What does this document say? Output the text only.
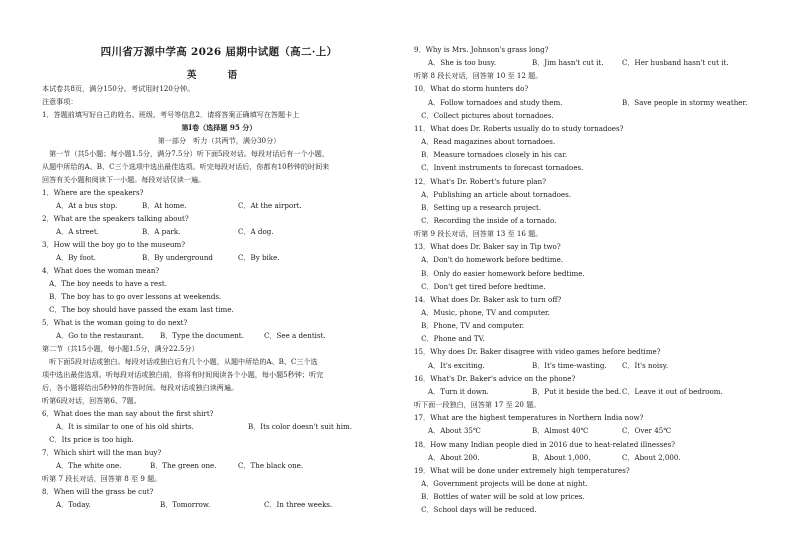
四川省万源中学高 2026 届期中试题（高二·上）
英 语
本试卷共8页，满分150分。考试用时120分钟。
注意事项：
1．答题前填写好自己的姓名、班级、考号等信息2．请将答案正确填写在答题卡上
第Ⅰ卷（选择题 95 分）
第一部分　听力（共两节，满分30分）
　第一节（共5小题；每小题1.5分，满分7.5分）听下面5段对话。每段对话后有一个小题，
从题中所给的A、B、C三个选项中选出最佳选项。听完每段对话后，你都有10秒钟的时间来
回答有关小题和阅读下一小题。每段对话仅读一遍。
1．Where are the speakers?
A．At a bus stop.	B．At home.	C．At the airport.
2．What are the speakers talking about?
A．A street.	B．A park.	C．A dog.
3．How will the boy go to the museum?
A．By foot.	B．By underground	C．By bike.
4．What does the woman mean?
　A．The boy needs to have a rest.
　B．The boy has to go over lessons at weekends.
　C．The boy should have passed the exam last time.
5．What is the woman going to do next?
A．Go to the restaurant. B．Type the document.	C．See a dentist.
第二节（共15小题，每小题1.5分，满分22.5分）
　听下面5段对话或独白。每段对话或独白后有几个小题，从题中所给的A、B、C三个选
项中选出最佳选项。听每段对话或独白前，你将有时间阅读各个小题，每小题5秒钟；听完
后，各小题将给出5秒钟的作答时间。每段对话或独白读两遍。
听第6段对话，回答第6、7题。
6．What does the man say about the first shirt?
A．It is similar to one of his old shirts.	B．Its color doesn't suit him.
　C．Its price is too high.
7．Which shirt will the man buy?
A．The white one.	B．The green one.	C．The black one.
听第 7 段长对话，回答第 8 至 9 题。
8．When will the grass be cut?
A．Today.	B．Tomorrow.	C．In three weeks.
9．Why is Mrs. Johnson's grass long?
A．She is too busy.	B．Jim hasn't cut it.	C．Her husband hasn't cut it.
听第 8 段长对话，回答第 10 至 12 题。
10．What do storm hunters do?
A．Follow tornadoes and study them.	B．Save people in stormy weather.
　C．Collect pictures about tornadoes.
11．What does Dr. Roberts usually do to study tornadoes?
　A．Read magazines about tornadoes.
　B．Measure tornadoes closely in his car.
　C．Invent instruments to forecast tornadoes.
12．What's Dr. Robert's future plan?
　A．Publishing an article about tornadoes.
　B．Setting up a research project.
　C．Recording the inside of a tornado.
听第 9 段长对话，回答第 13 至 16 题。
13．What does Dr. Baker say in Tip two?
　A．Don't do homework before bedtime.
　B．Only do easier homework before bedtime.
　C．Don't get tired before bedtime.
14．What does Dr. Baker ask to turn off?
　A．Music, phone, TV and computer.
　B．Phone, TV and computer.
　C．Phone and TV.
15．Why does Dr. Baker disagree with video games before bedtime?
A．It's exciting.	B．It's time-wasting. C．It's noisy.
16．What's Dr. Baker's advice on the phone?
A．Turn it down.	B．Put it beside the bed. C．Leave it out of bedroom.
听下面一段独白，回答第 17 至 20 题。
17．What are the highest temperatures in Northern India now?
A．About 35℃	B．Almost 40℃	C．Over 45℃
18．How many Indian people died in 2016 due to heat-related illnesses?
A．About 200.	B．About 1,000.	C．About 2,000.
19．What will be done under extremely high temperatures?
　A．Government projects will be done at night.
　B．Bottles of water will be sold at low prices.
　C．School days will be reduced.
